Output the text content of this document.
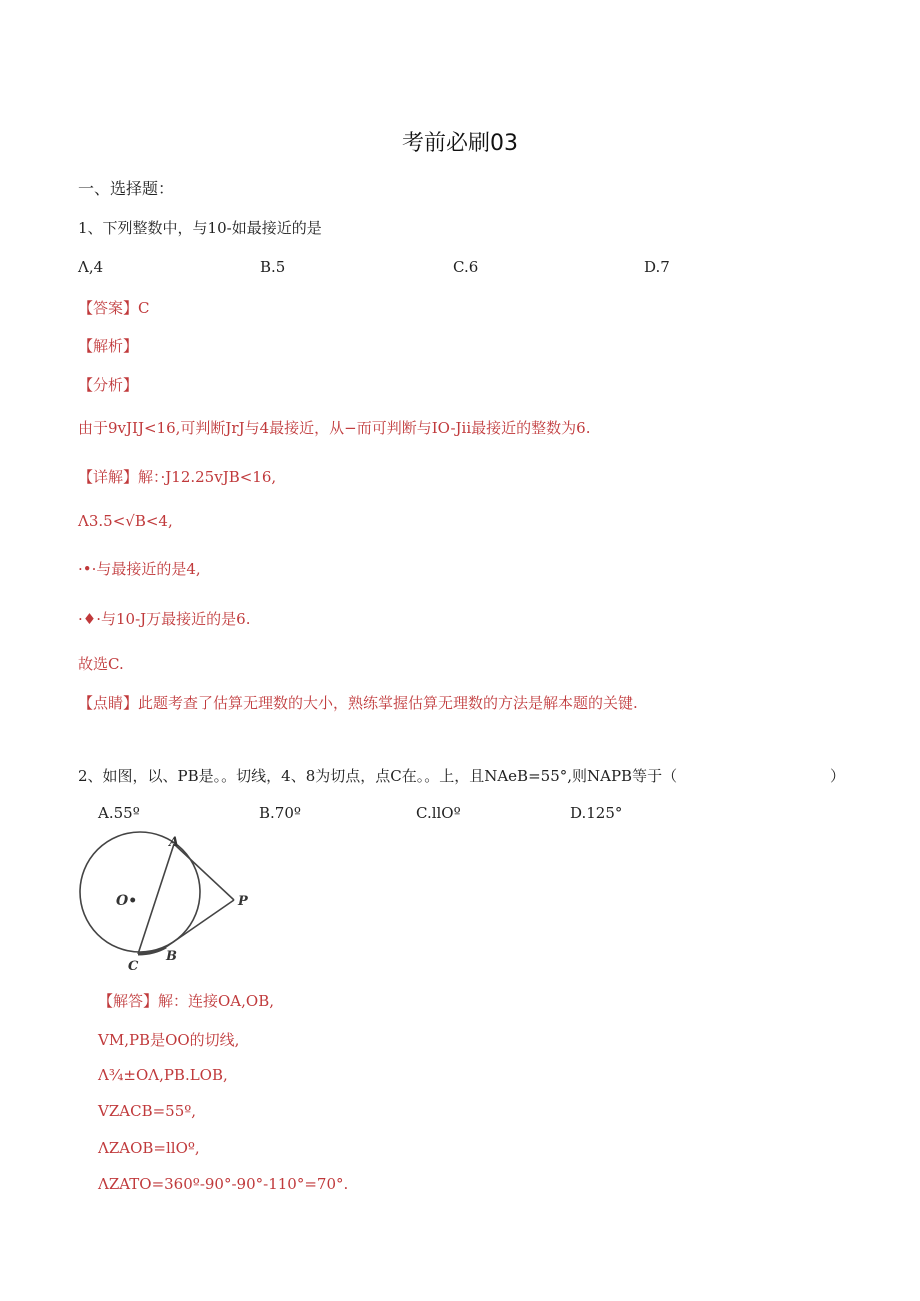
考前必刷03
一、选择题：
1、下列整数中，与10-如最接近的是
Λ,4	B.5	C.6	D.7
【答案】C
【解析】
【分析】
由于9vJIJ<16,可判断JrJ与4最接近，从−而可判断与IO-Jii最接近的整数为6.
【详解】解：·J12.25vJB<16,
Λ3.5<√B<4,
·•·与最接近的是4,
·♦·与10-J万最接近的是6.
故选C.
【点睛】此题考查了估算无理数的大小，熟练掌握估算无理数的方法是解本题的关键.
2、如图，以、PB是。。切线，4、8为切点，点C在。。上，且NAeB=55°,则NAPB等于（	）
A.55º	B.70º	C.llOº	D.125°
A
O•	P
B
C
【解答】解：连接OA,OB,
VM,PB是OO的切线,
Λ¾±OΛ,PB.LOB,
VZACB=55º,
ΛZAOB=llOº,
ΛZATO=360º-90°-90°-110°=70°.
